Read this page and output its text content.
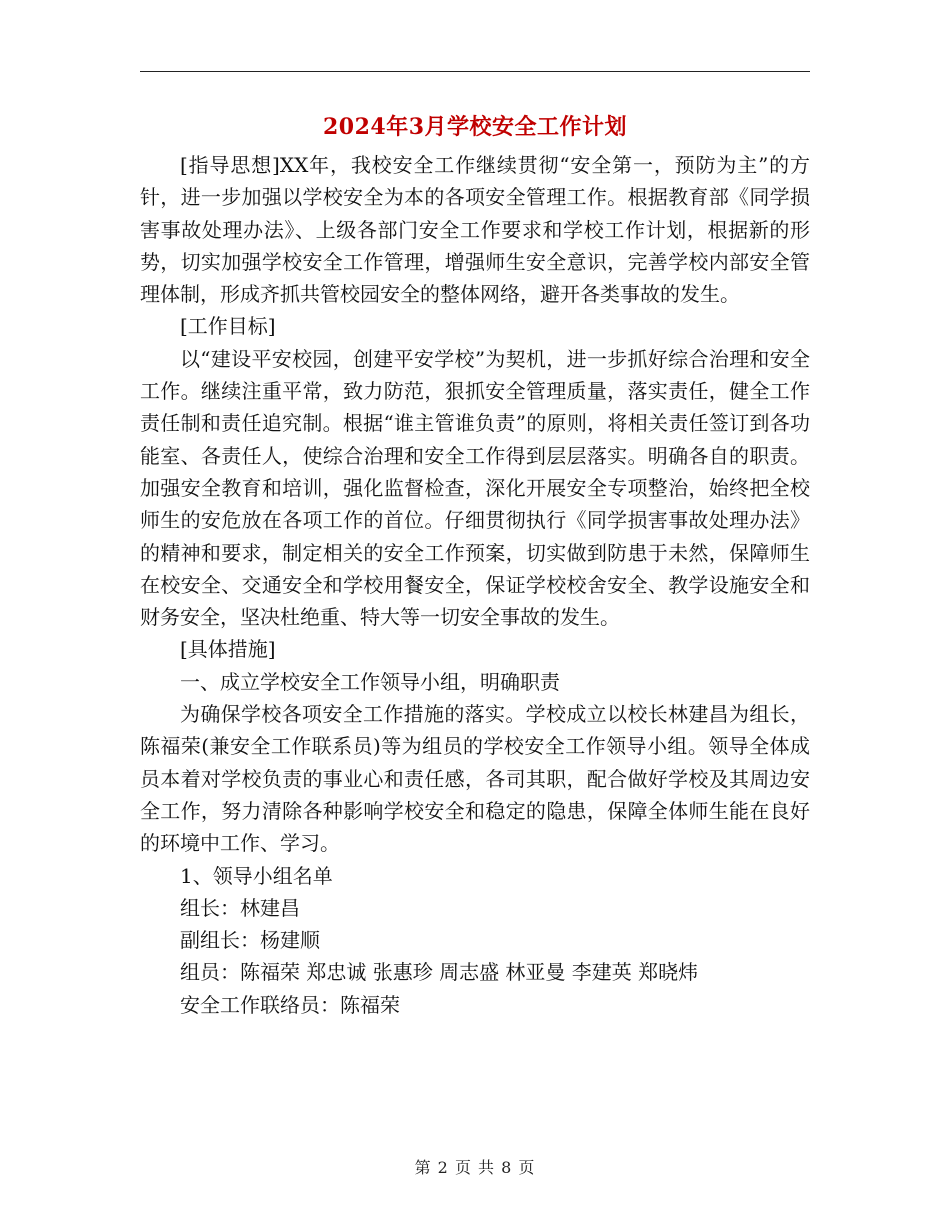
2024年3月学校安全工作计划

[指导思想]XX年，我校安全工作继续贯彻“安全第一，预防为主”的方针，进一步加强以学校安全为本的各项安全管理工作。根据教育部《同学损害事故处理办法》、上级各部门安全工作要求和学校工作计划，根据新的形势，切实加强学校安全工作管理，增强师生安全意识，完善学校内部安全管理体制，形成齐抓共管校园安全的整体网络，避开各类事故的发生。

[工作目标]

以“建设平安校园，创建平安学校”为契机，进一步抓好综合治理和安全工作。继续注重平常，致力防范，狠抓安全管理质量，落实责任，健全工作责任制和责任追究制。根据“谁主管谁负责”的原则，将相关责任签订到各功能室、各责任人，使综合治理和安全工作得到层层落实。明确各自的职责。加强安全教育和培训，强化监督检查，深化开展安全专项整治，始终把全校师生的安危放在各项工作的首位。仔细贯彻执行《同学损害事故处理办法》的精神和要求，制定相关的安全工作预案，切实做到防患于未然，保障师生在校安全、交通安全和学校用餐安全，保证学校校舍安全、教学设施安全和财务安全，坚决杜绝重、特大等一切安全事故的发生。

[具体措施]

一、成立学校安全工作领导小组，明确职责

为确保学校各项安全工作措施的落实。学校成立以校长林建昌为组长，陈福荣(兼安全工作联系员)等为组员的学校安全工作领导小组。领导全体成员本着对学校负责的事业心和责任感，各司其职，配合做好学校及其周边安全工作，努力清除各种影响学校安全和稳定的隐患，保障全体师生能在良好的环境中工作、学习。

1、领导小组名单

组长：林建昌

副组长：杨建顺

组员：陈福荣 郑忠诚 张惠珍 周志盛 林亚曼 李建英 郑晓炜

安全工作联络员：陈福荣

第 2 页 共 8 页
